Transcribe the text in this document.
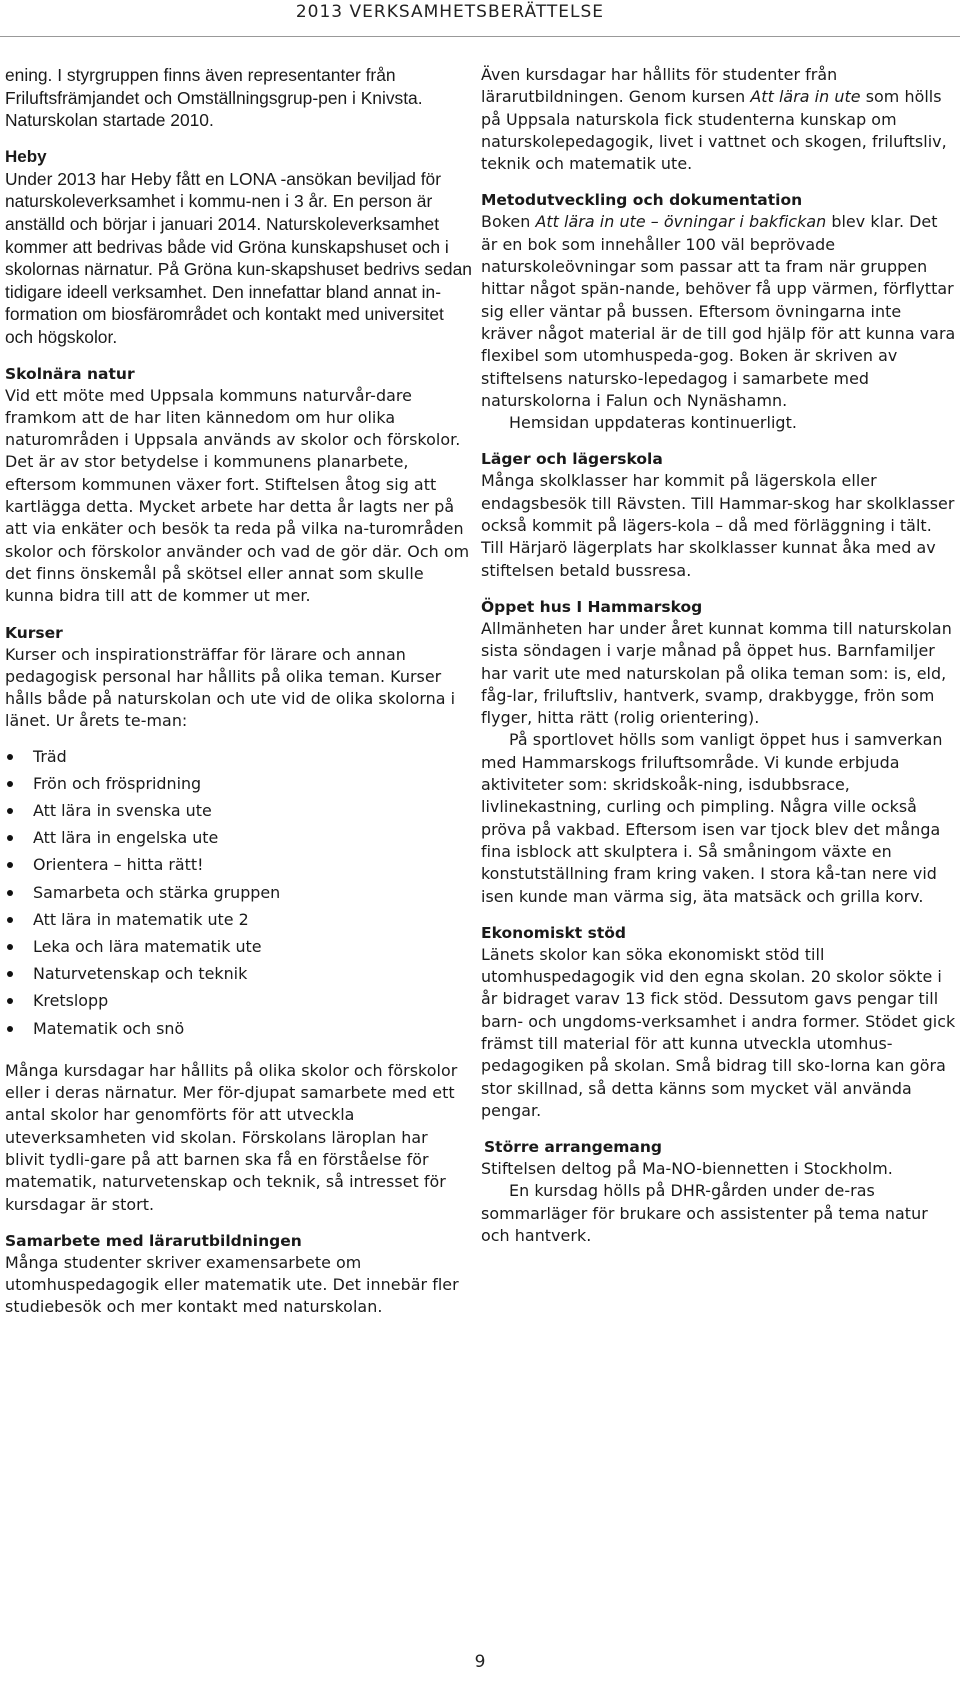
2013 VERKSAMHETSBERÄTTELSE

ening. I styrgruppen finns även representanter från Friluftsfrämjandet och Omställningsgrup-pen i Knivsta. Naturskolan startade 2010.

Heby

Under 2013 har Heby fått en LONA -ansökan beviljad för naturskoleverksamhet i kommu-nen i 3 år. En person är anställd och börjar i januari 2014. Naturskoleverksamhet kommer att bedrivas både vid Gröna kunskapshuset och i skolornas närnatur. På Gröna kun-skapshuset bedrivs sedan tidigare ideell verksamhet. Den innefattar bland annat in-formation om biosfärområdet och kontakt med universitet och högskolor.

Skolnära natur

Vid ett möte med Uppsala kommuns naturvår-dare framkom att de har liten kännedom om hur olika naturområden i Uppsala används av skolor och förskolor. Det är av stor betydelse i kommunens planarbete, eftersom kommunen växer fort. Stiftelsen åtog sig att kartlägga detta. Mycket arbete har detta år lagts ner på att via enkäter och besök ta reda på vilka na-turområden skolor och förskolor använder och vad de gör där. Och om det finns önskemål på skötsel eller annat som skulle kunna bidra till att de kommer ut mer.

Kurser

Kurser och inspirationsträffar för lärare och annan pedagogisk personal har hållits på olika teman. Kurser hålls både på naturskolan och ute vid de olika skolorna i länet. Ur årets te-man:

Träd
Frön och fröspridning
Att lära in svenska ute
Att lära in engelska ute
Orientera – hitta rätt!
Samarbeta och stärka gruppen
Att lära in matematik ute 2
Leka och lära matematik ute
Naturvetenskap och teknik
Kretslopp
Matematik och snö

Många kursdagar har hållits på olika skolor och förskolor eller i deras närnatur. Mer för-djupat samarbete med ett antal skolor har genomförts för att utveckla uteverksamheten vid skolan. Förskolans läroplan har blivit tydli-gare på att barnen ska få en förståelse för matematik, naturvetenskap och teknik, så intresset för kursdagar är stort.

Samarbete med lärarutbildningen

Många studenter skriver examensarbete om utomhuspedagogik eller matematik ute. Det innebär fler studiebesök och mer kontakt med naturskolan.

Även kursdagar har hållits för studenter från lärarutbildningen. Genom kursen Att lära in ute som hölls på Uppsala naturskola fick studenterna kunskap om naturskolepedagogik, livet i vattnet och skogen, friluftsliv, teknik och matematik ute.

Metodutveckling och dokumentation

Boken Att lära in ute – övningar i bakfickan blev klar. Det är en bok som innehåller 100 väl beprövade naturskoleövningar som passar att ta fram när gruppen hittar något spän-nande, behöver få upp värmen, förflyttar sig eller väntar på bussen. Eftersom övningarna inte kräver något material är de till god hjälp för att kunna vara flexibel som utomhuspeda-gog. Boken är skriven av stiftelsens natursko-lepedagog i samarbete med naturskolorna i Falun och Nynäshamn.

Hemsidan uppdateras kontinuerligt.

Läger och lägerskola

Många skolklasser har kommit på lägerskola eller endagsbesök till Rävsten. Till Hammar-skog har skolklasser också kommit på lägers-kola – då med förläggning i tält. Till Härjarö lägerplats har skolklasser kunnat åka med av stiftelsen betald bussresa.

Öppet hus I Hammarskog

Allmänheten har under året kunnat komma till naturskolan sista söndagen i varje månad på öppet hus. Barnfamiljer har varit ute med naturskolan på olika teman som: is, eld, fåg-lar, friluftsliv, hantverk, svamp, drakbygge, frön som flyger, hitta rätt (rolig orientering).

På sportlovet hölls som vanligt öppet hus i samverkan med Hammarskogs friluftsområde. Vi kunde erbjuda aktiviteter som: skridskoåk-ning, isdubbsrace, livlinekastning, curling och pimpling. Några ville också pröva på vakbad. Eftersom isen var tjock blev det många fina isblock att skulptera i. Så småningom växte en konstutställning fram kring vaken. I stora kå-tan nere vid isen kunde man värma sig, äta matsäck och grilla korv.

Ekonomiskt stöd

Länets skolor kan söka ekonomiskt stöd till utomhuspedagogik vid den egna skolan. 20 skolor sökte i år bidraget varav 13 fick stöd. Dessutom gavs pengar till barn- och ungdoms-verksamhet i andra former. Stödet gick främst till material för att kunna utveckla utomhus-pedagogiken på skolan. Små bidrag till sko-lorna kan göra stor skillnad, så detta känns som mycket väl använda pengar.

Större arrangemang

Stiftelsen deltog på Ma-NO-biennetten i Stockholm.

En kursdag hölls på DHR-gården under de-ras sommarläger för brukare och assistenter på tema natur och hantverk.

9
